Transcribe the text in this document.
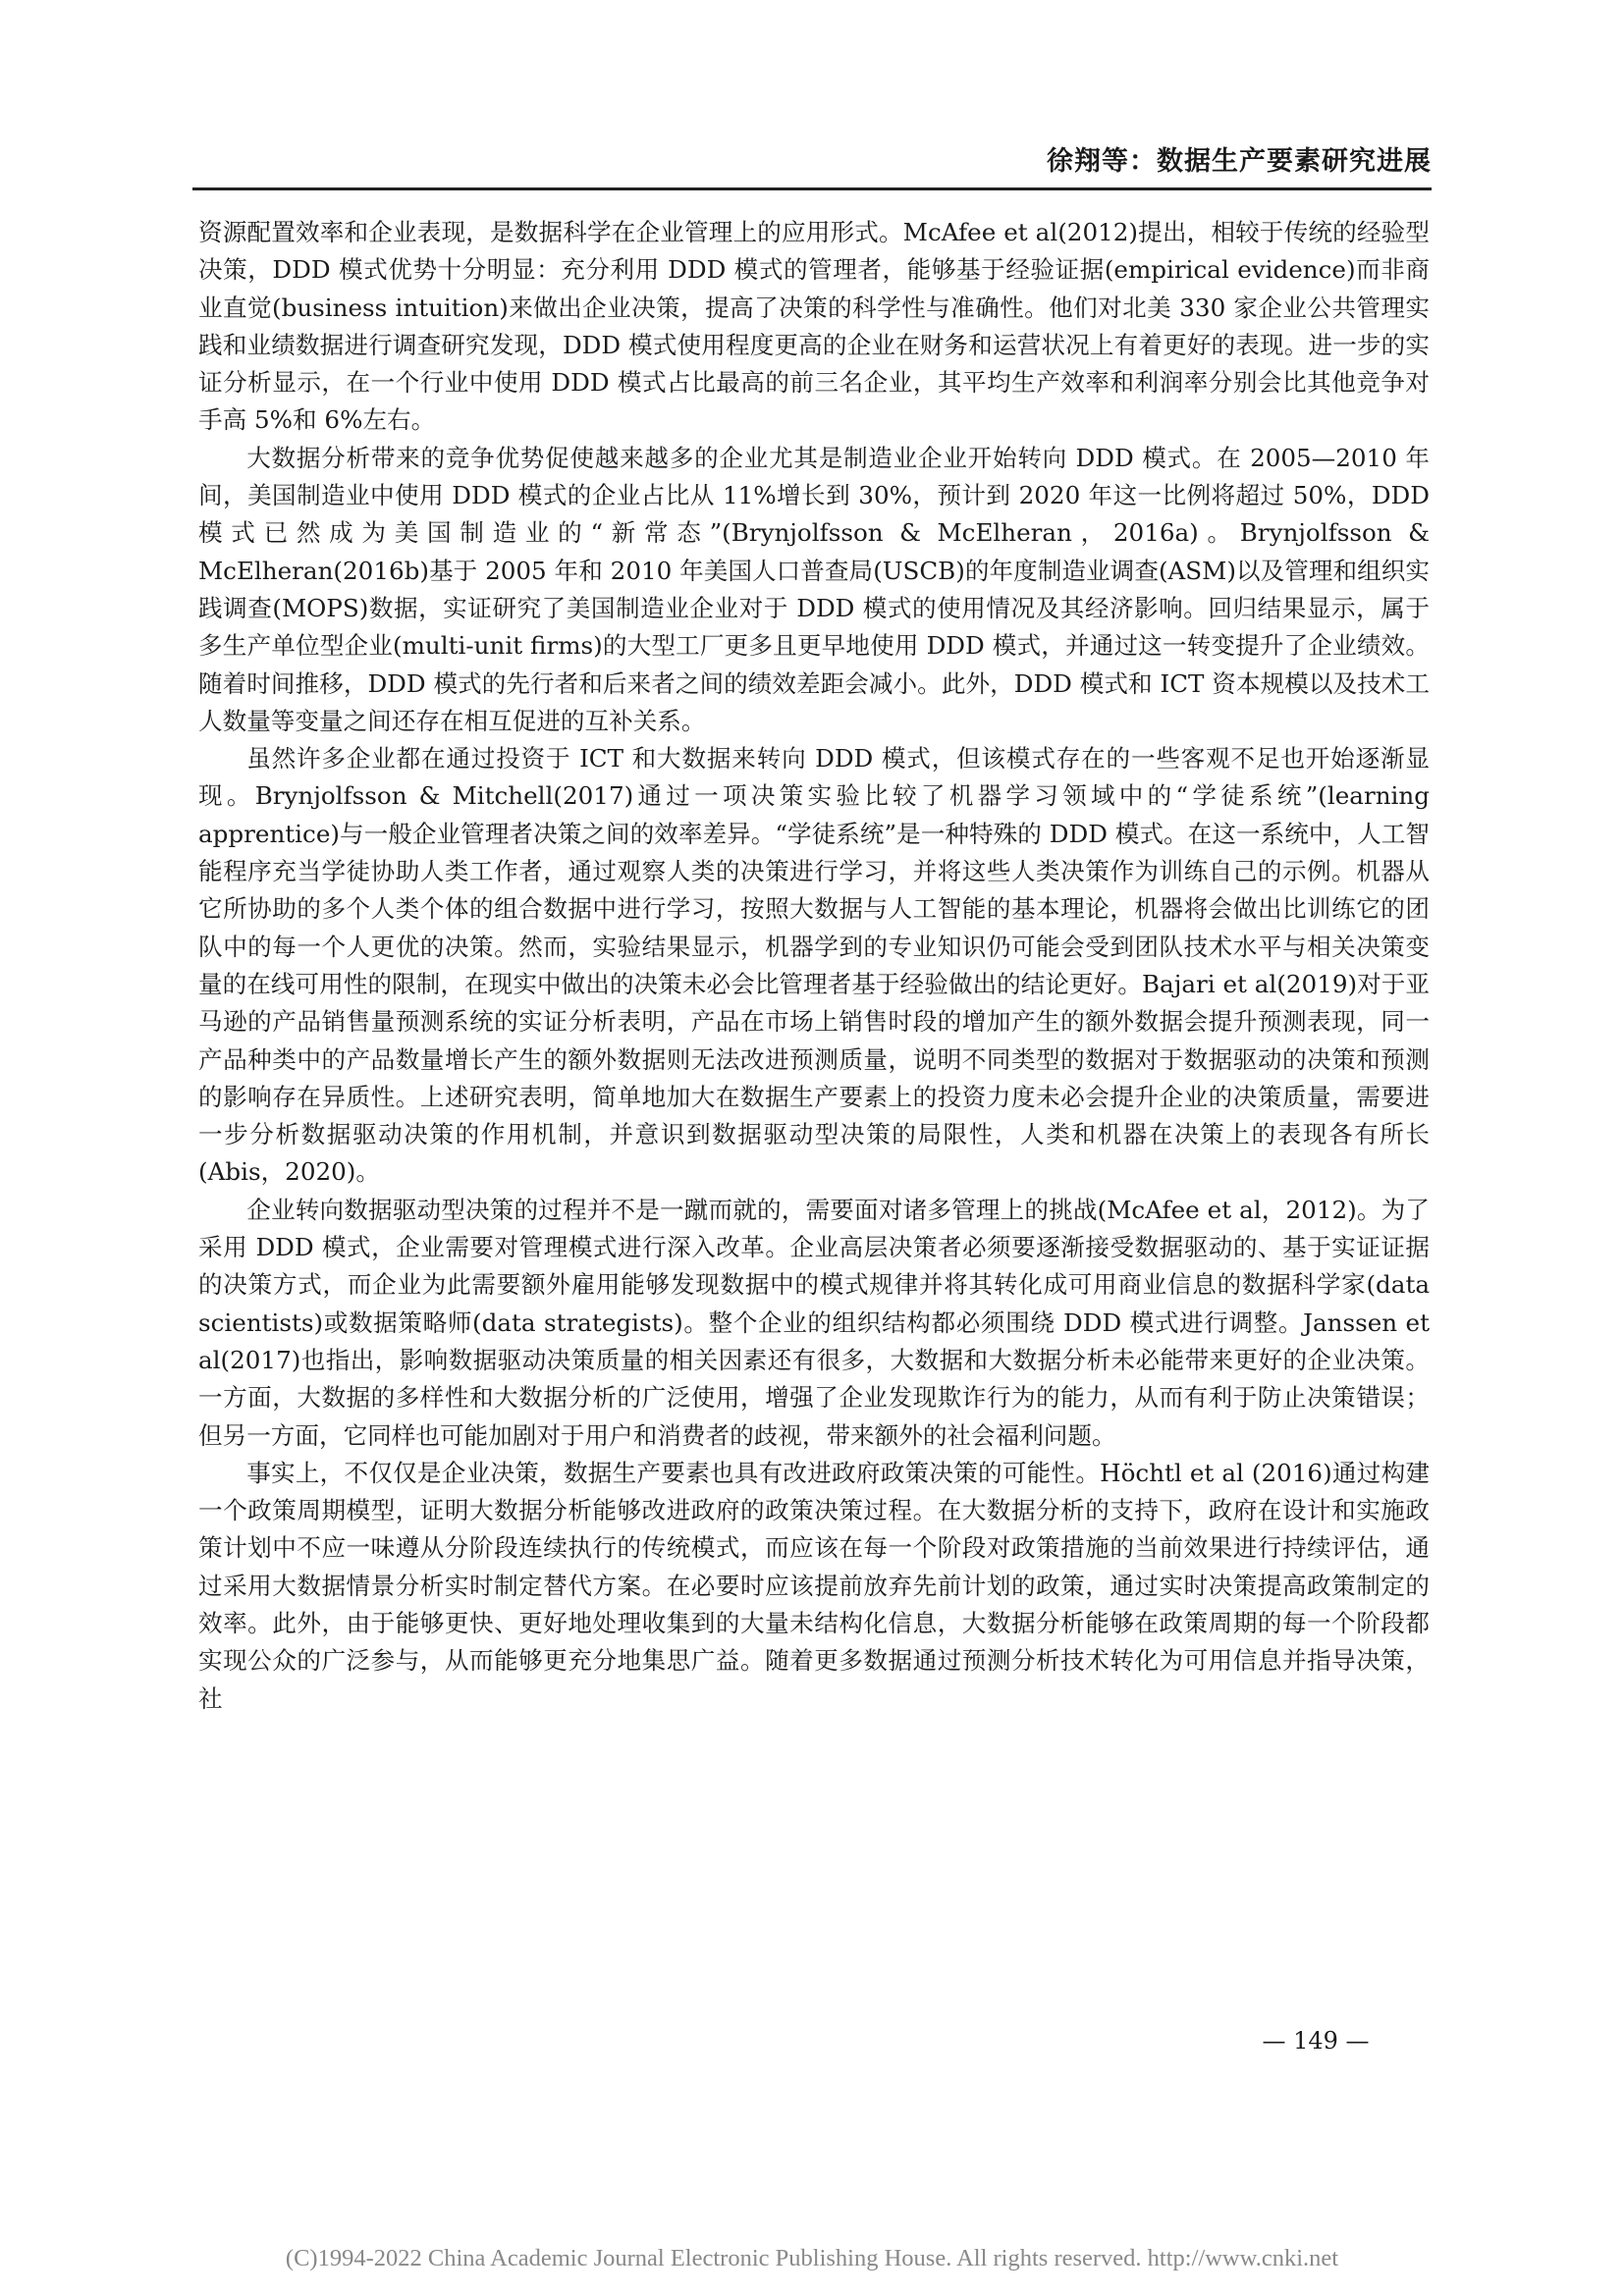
徐翔等：数据生产要素研究进展

资源配置效率和企业表现，是数据科学在企业管理上的应用形式。McAfee et al(2012)提出，相较于传统的经验型决策，DDD 模式优势十分明显：充分利用 DDD 模式的管理者，能够基于经验证据(empirical evidence)而非商业直觉(business intuition)来做出企业决策，提高了决策的科学性与准确性。他们对北美 330 家企业公共管理实践和业绩数据进行调查研究发现，DDD 模式使用程度更高的企业在财务和运营状况上有着更好的表现。进一步的实证分析显示，在一个行业中使用 DDD 模式占比最高的前三名企业，其平均生产效率和利润率分别会比其他竞争对手高 5%和 6%左右。

大数据分析带来的竞争优势促使越来越多的企业尤其是制造业企业开始转向 DDD 模式。在 2005—2010 年间，美国制造业中使用 DDD 模式的企业占比从 11%增长到 30%，预计到 2020 年这一比例将超过 50%，DDD 模式已然成为美国制造业的“新常态”(Brynjolfsson & McElheran，2016a)。Brynjolfsson & McElheran(2016b)基于 2005 年和 2010 年美国人口普查局(USCB)的年度制造业调查(ASM)以及管理和组织实践调查(MOPS)数据，实证研究了美国制造业企业对于 DDD 模式的使用情况及其经济影响。回归结果显示，属于多生产单位型企业(multi-unit firms)的大型工厂更多且更早地使用 DDD 模式，并通过这一转变提升了企业绩效。随着时间推移，DDD 模式的先行者和后来者之间的绩效差距会减小。此外，DDD 模式和 ICT 资本规模以及技术工人数量等变量之间还存在相互促进的互补关系。

虽然许多企业都在通过投资于 ICT 和大数据来转向 DDD 模式，但该模式存在的一些客观不足也开始逐渐显现。Brynjolfsson & Mitchell(2017)通过一项决策实验比较了机器学习领域中的“学徒系统”(learning apprentice)与一般企业管理者决策之间的效率差异。“学徒系统”是一种特殊的 DDD 模式。在这一系统中，人工智能程序充当学徒协助人类工作者，通过观察人类的决策进行学习，并将这些人类决策作为训练自己的示例。机器从它所协助的多个人类个体的组合数据中进行学习，按照大数据与人工智能的基本理论，机器将会做出比训练它的团队中的每一个人更优的决策。然而，实验结果显示，机器学到的专业知识仍可能会受到团队技术水平与相关决策变量的在线可用性的限制，在现实中做出的决策未必会比管理者基于经验做出的结论更好。Bajari et al(2019)对于亚马逊的产品销售量预测系统的实证分析表明，产品在市场上销售时段的增加产生的额外数据会提升预测表现，同一产品种类中的产品数量增长产生的额外数据则无法改进预测质量，说明不同类型的数据对于数据驱动的决策和预测的影响存在异质性。上述研究表明，简单地加大在数据生产要素上的投资力度未必会提升企业的决策质量，需要进一步分析数据驱动决策的作用机制，并意识到数据驱动型决策的局限性，人类和机器在决策上的表现各有所长(Abis，2020)。

企业转向数据驱动型决策的过程并不是一蹴而就的，需要面对诸多管理上的挑战(McAfee et al，2012)。为了采用 DDD 模式，企业需要对管理模式进行深入改革。企业高层决策者必须要逐渐接受数据驱动的、基于实证证据的决策方式，而企业为此需要额外雇用能够发现数据中的模式规律并将其转化成可用商业信息的数据科学家(data scientists)或数据策略师(data strategists)。整个企业的组织结构都必须围绕 DDD 模式进行调整。Janssen et al(2017)也指出，影响数据驱动决策质量的相关因素还有很多，大数据和大数据分析未必能带来更好的企业决策。一方面，大数据的多样性和大数据分析的广泛使用，增强了企业发现欺诈行为的能力，从而有利于防止决策错误；但另一方面，它同样也可能加剧对于用户和消费者的歧视，带来额外的社会福利问题。

事实上，不仅仅是企业决策，数据生产要素也具有改进政府政策决策的可能性。Höchtl et al (2016)通过构建一个政策周期模型，证明大数据分析能够改进政府的政策决策过程。在大数据分析的支持下，政府在设计和实施政策计划中不应一味遵从分阶段连续执行的传统模式，而应该在每一个阶段对政策措施的当前效果进行持续评估，通过采用大数据情景分析实时制定替代方案。在必要时应该提前放弃先前计划的政策，通过实时决策提高政策制定的效率。此外，由于能够更快、更好地处理收集到的大量未结构化信息，大数据分析能够在政策周期的每一个阶段都实现公众的广泛参与，从而能够更充分地集思广益。随着更多数据通过预测分析技术转化为可用信息并指导决策，社

— 149 —
(C)1994-2022 China Academic Journal Electronic Publishing House. All rights reserved. http://www.cnki.net
